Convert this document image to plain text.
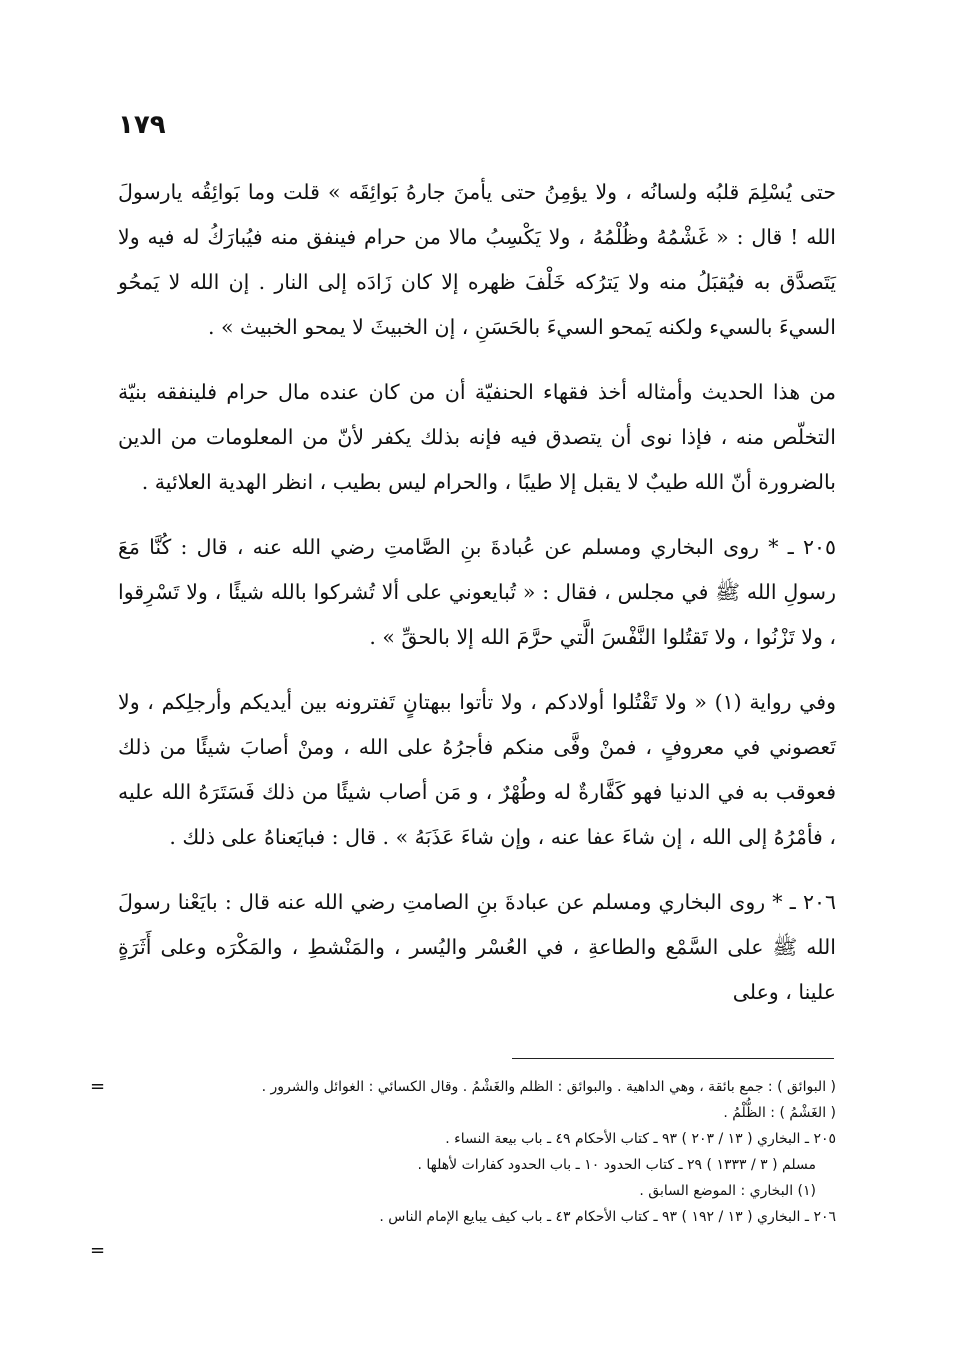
١٧٩

حتى يُسْلِمَ قلبُه ولسانُه ، ولا يؤمِنُ حتى يأمنَ جارهُ بَوائِقَه » قلت وما بَوائِقُه يارسولَ الله ! قال : « غَشْمُهُ وظُلْمُهُ ، ولا يَكْسِبُ مالا من حرام فينفق منه فيُبارَكُ له فيه ولا يَتَصدَّق به فيُقبَلُ منه ولا يَترُكه خَلْفَ ظهره إلا كان زَادَه إلى النار . إن الله لا يَمحُو السيءَ بالسيء ولكنه يَمحو السيءَ بالحَسَنِ ، إن الخبيثَ لا يمحو الخبيث » .

من هذا الحديث وأمثاله أخذ فقهاء الحنفيّة أن من كان عنده مال حرام فلينفقه بنيّة التخلّص منه ، فإذا نوى أن يتصدق فيه فإنه بذلك يكفر لأنّ من المعلومات من الدين بالضرورة أنّ الله طيبٌ لا يقبل إلا طيبًا ، والحرام ليس بطيب ، انظر الهدية العلائية .

٢٠٥ ـ * روى البخاري ومسلم عن عُبادةَ بنِ الصَّامتِ رضي الله عنه ، قال : كُنَّا مَعَ رسولِ الله ﷺ في مجلس ، فقال : « تُبايعوني على ألا تُشركوا بالله شيئًا ، ولا تَسْرِقوا ، ولا تَزْنُوا ، ولا تَقتُلوا النَّفْسَ الَّتي حرَّمَ الله إلا بالحقِّ » .

وفي رواية (١) « ولا تَقْتُلوا أولادكم ، ولا تأتوا ببهتانٍ تَفترونه بين أيديكم وأرجلِكم ، ولا تَعصوني في معروفٍ ، فمنْ وفَّى منكم فأجرُهُ على الله ، ومنْ أصابَ شيئًا من ذلك فعوقب به في الدنيا فهو كَفَّارةٌ له وطُهْرٌ ، و مَن أصاب شيئًا من ذلك فَسَتَرَهُ الله عليه ، فأمْرُهُ إلى الله ، إن شاءَ عفا عنه ، وإن شاءَ عَذَبَهُ » . قال : فبايَعناهُ على ذلك .

٢٠٦ ـ * روى البخاري ومسلم عن عبادةَ بنِ الصامتِ رضي الله عنه قال : بايَعْنا رسولَ الله ﷺ على السَّمْع والطاعةِ ، في العُسْر واليُسر ، والمَنْشطِ ، والمَكْرَه وعلى أَثَرَةٍ علينا ، وعلى

=
=

( البوائق ) : جمع بائقة ، وهي الداهية . والبوائق : الظلم والغَشْمُ . وقال الكسائي : الغوائل والشرور .

( الغَشْمُ ) : الظُّلْمُ .

٢٠٥ ـ البخاري ( ١٣ / ٢٠٣ ) ٩٣ ـ كتاب الأحكام ٤٩ ـ باب بيعة النساء .

مسلم ( ٣ / ١٣٣٣ ) ٢٩ ـ كتاب الحدود ١٠ ـ باب الحدود كفارات لأهلها .

(١) البخاري : الموضع السابق .

٢٠٦ ـ البخاري ( ١٣ / ١٩٢ ) ٩٣ ـ كتاب الأحكام ٤٣ ـ باب كيف يبايع الإمام الناس .
